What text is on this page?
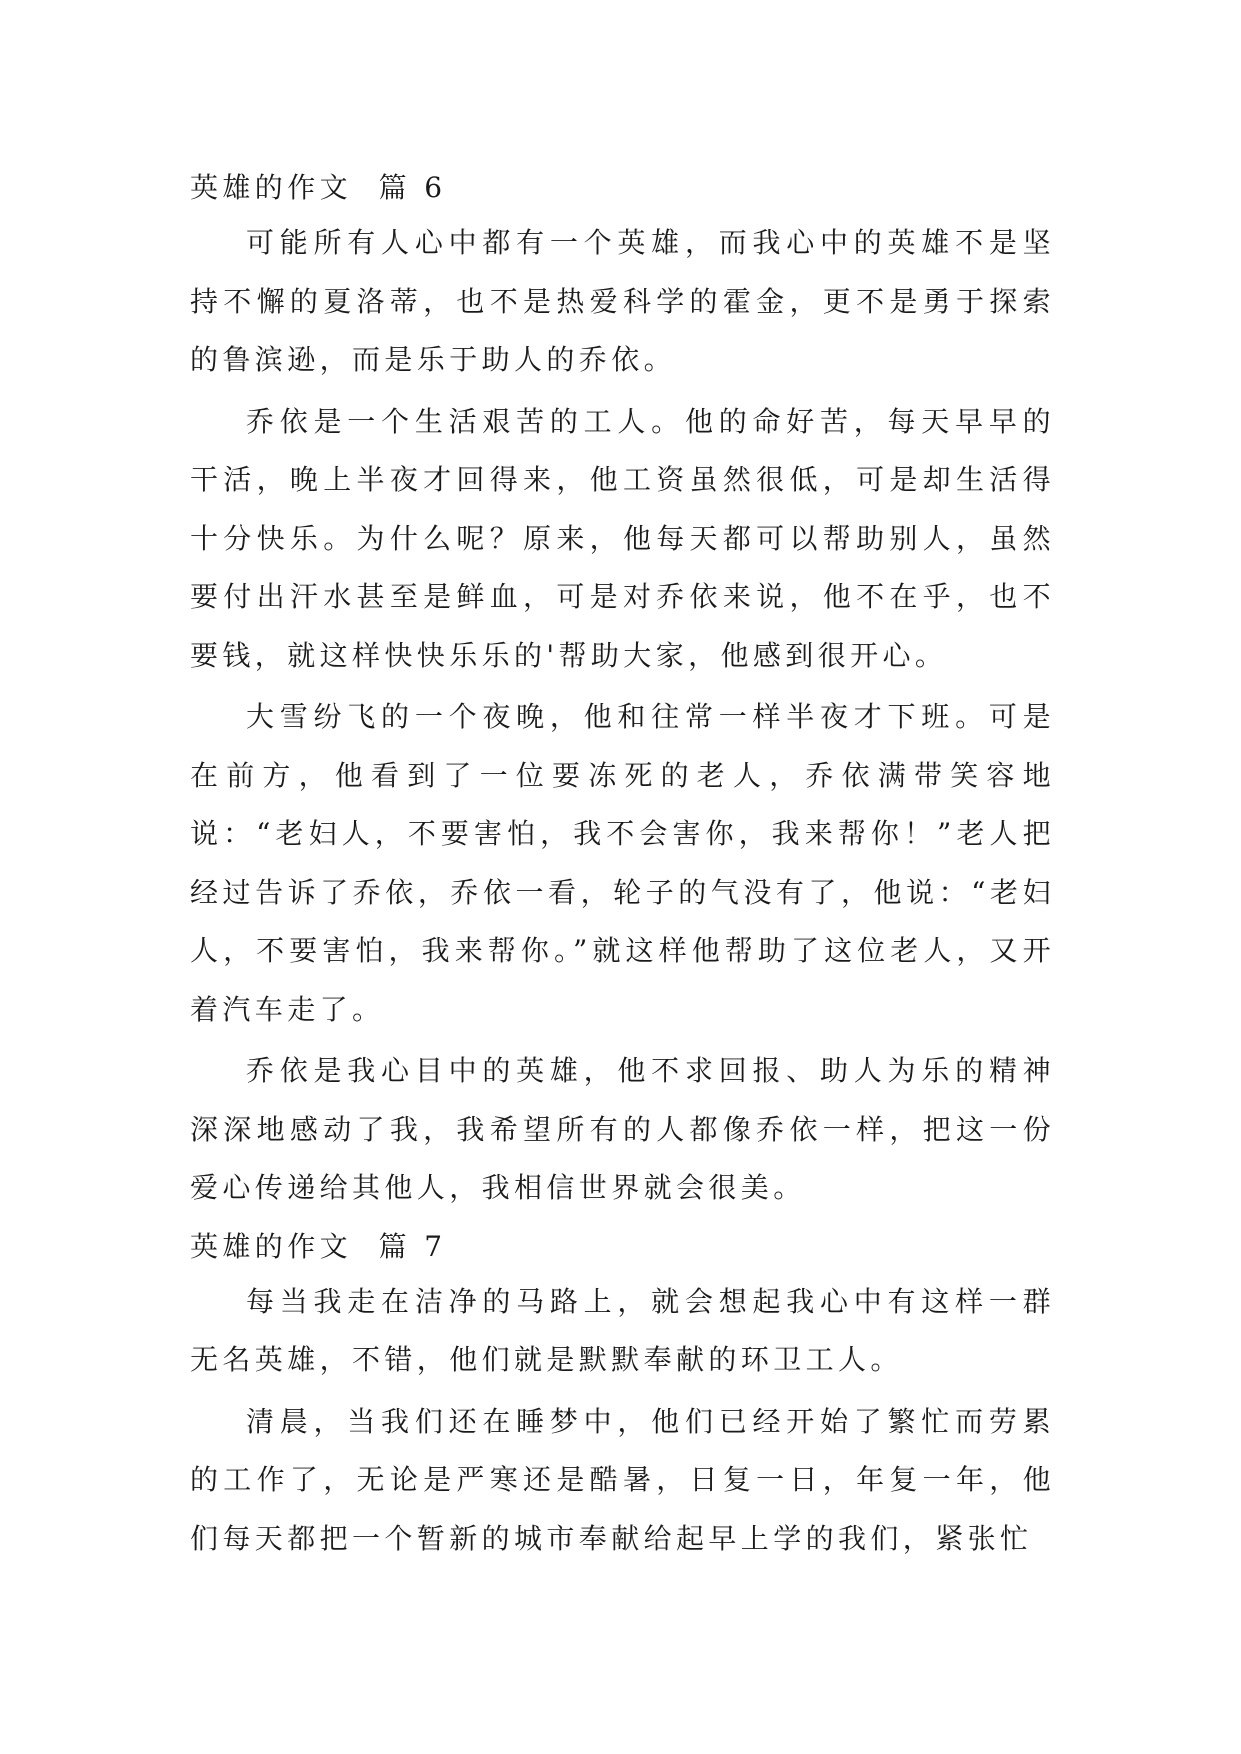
英雄的作文  篇 6

可能所有人心中都有一个英雄，而我心中的英雄不是坚持不懈的夏洛蒂，也不是热爱科学的霍金，更不是勇于探索的鲁滨逊，而是乐于助人的乔依。

乔依是一个生活艰苦的工人。他的命好苦，每天早早的干活，晚上半夜才回得来，他工资虽然很低，可是却生活得十分快乐。为什么呢？原来，他每天都可以帮助别人，虽然要付出汗水甚至是鲜血，可是对乔依来说，他不在乎，也不要钱，就这样快快乐乐的'帮助大家，他感到很开心。

大雪纷飞的一个夜晚，他和往常一样半夜才下班。可是在前方，他看到了一位要冻死的老人，乔依满带笑容地说：“老妇人，不要害怕，我不会害你，我来帮你！”老人把经过告诉了乔依，乔依一看，轮子的气没有了，他说：“老妇人，不要害怕，我来帮你。”就这样他帮助了这位老人，又开着汽车走了。

乔依是我心目中的英雄，他不求回报、助人为乐的精神深深地感动了我，我希望所有的人都像乔依一样，把这一份爱心传递给其他人，我相信世界就会很美。

英雄的作文  篇 7

每当我走在洁净的马路上，就会想起我心中有这样一群无名英雄，不错，他们就是默默奉献的环卫工人。

清晨，当我们还在睡梦中，他们已经开始了繁忙而劳累的工作了，无论是严寒还是酷暑，日复一日，年复一年，他们每天都把一个暂新的城市奉献给起早上学的我们，紧张忙
